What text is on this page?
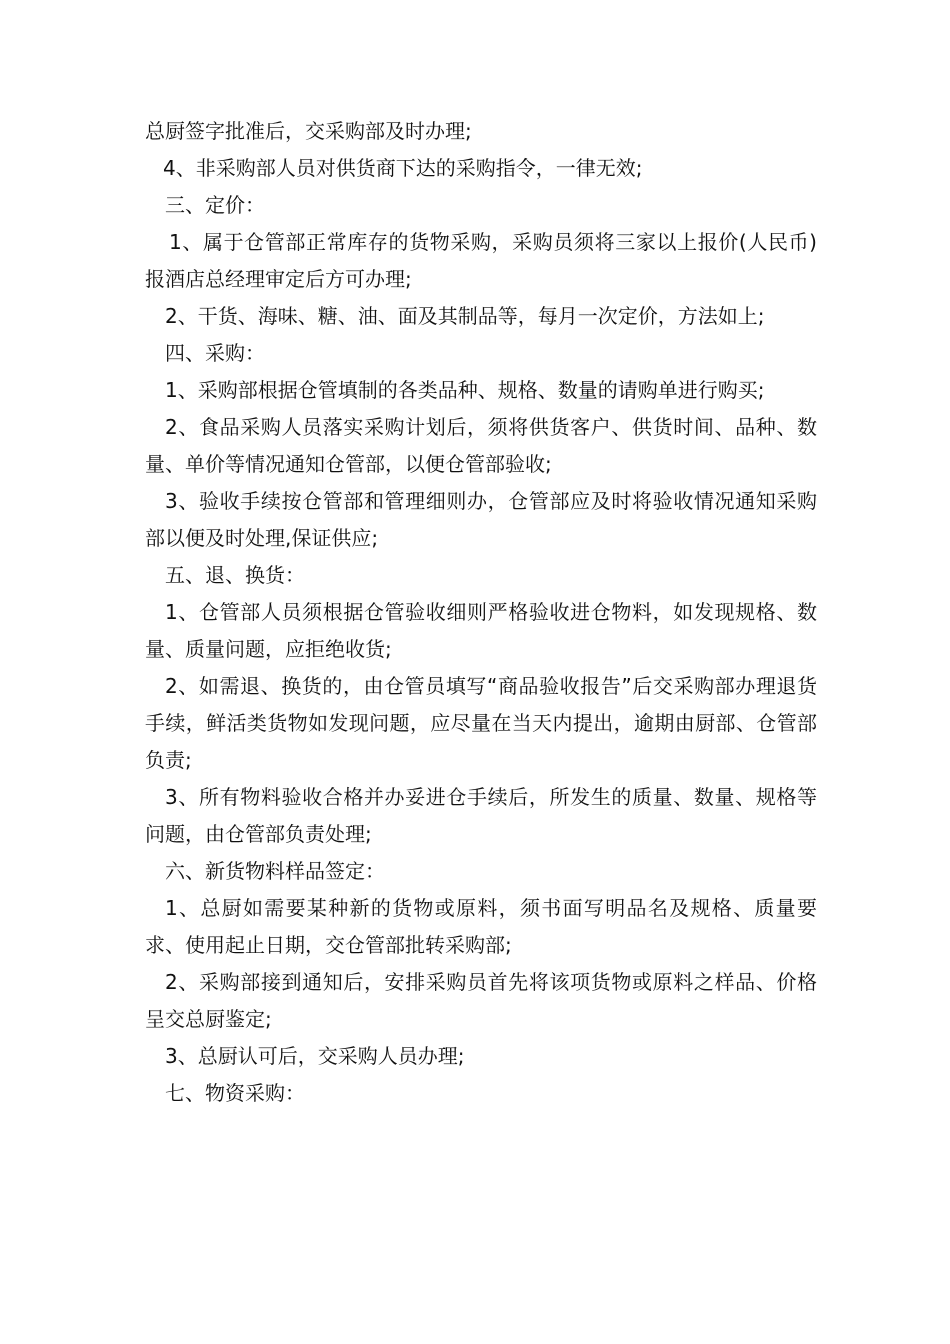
总厨签字批准后，交采购部及时办理;

4、非采购部人员对供货商下达的采购指令，一律无效;

三、定价：

1、属于仓管部正常库存的货物采购，采购员须将三家以上报价(人民币)报酒店总经理审定后方可办理;

2、干货、海味、糖、油、面及其制品等，每月一次定价，方法如上;

四、采购：

1、采购部根据仓管填制的各类品种、规格、数量的请购单进行购买;

2、食品采购人员落实采购计划后，须将供货客户、供货时间、品种、数量、单价等情况通知仓管部，以便仓管部验收;

3、验收手续按仓管部和管理细则办，仓管部应及时将验收情况通知采购部以便及时处理,保证供应;

五、退、换货：

1、仓管部人员须根据仓管验收细则严格验收进仓物料，如发现规格、数量、质量问题，应拒绝收货;

2、如需退、换货的，由仓管员填写“商品验收报告”后交采购部办理退货手续，鲜活类货物如发现问题，应尽量在当天内提出，逾期由厨部、仓管部负责;

3、所有物料验收合格并办妥进仓手续后，所发生的质量、数量、规格等问题，由仓管部负责处理;

六、新货物料样品签定：

1、总厨如需要某种新的货物或原料，须书面写明品名及规格、质量要求、使用起止日期，交仓管部批转采购部;

2、采购部接到通知后，安排采购员首先将该项货物或原料之样品、价格呈交总厨鉴定;

3、总厨认可后，交采购人员办理;

七、物资采购：
